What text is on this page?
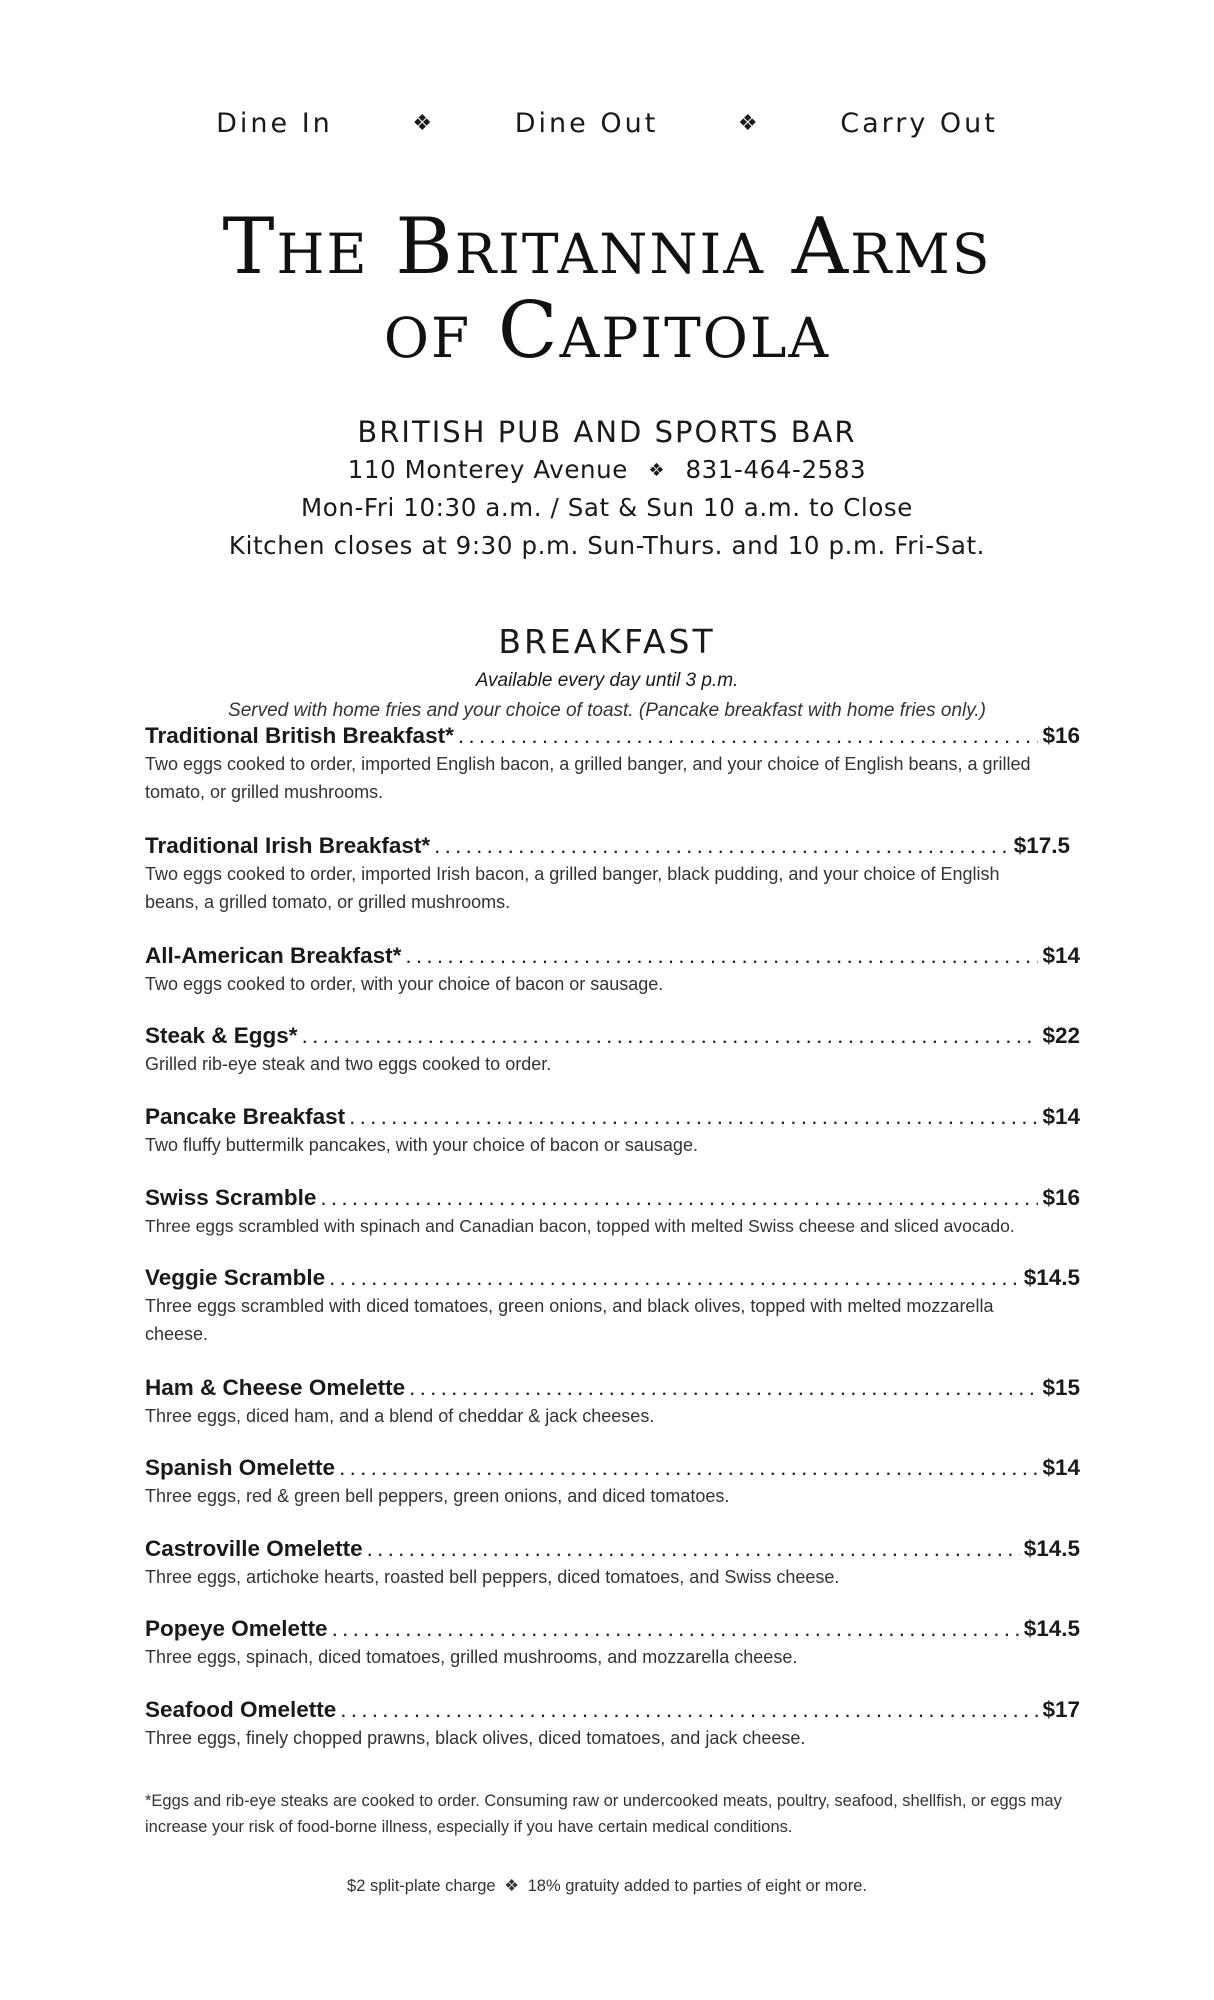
Dine In	❖	Dine Out	❖	Carry Out
The Britannia Arms
of Capitola
BRITISH PUB AND SPORTS BAR
110 Monterey Avenue ❖ 831-464-2583
Mon-Fri 10:30 a.m. / Sat & Sun 10 a.m. to Close
Kitchen closes at 9:30 p.m. Sun-Thurs. and 10 p.m. Fri-Sat.
BREAKFAST
Available every day until 3 p.m.
Served with home fries and your choice of toast. (Pancake breakfast with home fries only.)
Traditional British Breakfast* . . .	$16
Two eggs cooked to order, imported English bacon, a grilled banger, and your choice of English beans, a grilled tomato, or grilled mushrooms.
Traditional Irish Breakfast* . . .	$17.5
Two eggs cooked to order, imported Irish bacon, a grilled banger, black pudding, and your choice of English beans, a grilled tomato, or grilled mushrooms.
All-American Breakfast* . . .	$14
Two eggs cooked to order, with your choice of bacon or sausage.
Steak & Eggs* . . .	$22
Grilled rib-eye steak and two eggs cooked to order.
Pancake Breakfast . . .	$14
Two fluffy buttermilk pancakes, with your choice of bacon or sausage.
Swiss Scramble . . .	$16
Three eggs scrambled with spinach and Canadian bacon, topped with melted Swiss cheese and sliced avocado.
Veggie Scramble . . .	$14.5
Three eggs scrambled with diced tomatoes, green onions, and black olives, topped with melted mozzarella cheese.
Ham & Cheese Omelette . . .	$15
Three eggs, diced ham, and a blend of cheddar & jack cheeses.
Spanish Omelette . . .	$14
Three eggs, red & green bell peppers, green onions, and diced tomatoes.
Castroville Omelette . . .	$14.5
Three eggs, artichoke hearts, roasted bell peppers, diced tomatoes, and Swiss cheese.
Popeye Omelette . . .	$14.5
Three eggs, spinach, diced tomatoes, grilled mushrooms, and mozzarella cheese.
Seafood Omelette . . .	$17
Three eggs, finely chopped prawns, black olives, diced tomatoes, and jack cheese.
*Eggs and rib-eye steaks are cooked to order. Consuming raw or undercooked meats, poultry, seafood, shellfish, or eggs may increase your risk of food-borne illness, especially if you have certain medical conditions.
$2 split-plate charge ❖ 18% gratuity added to parties of eight or more.
